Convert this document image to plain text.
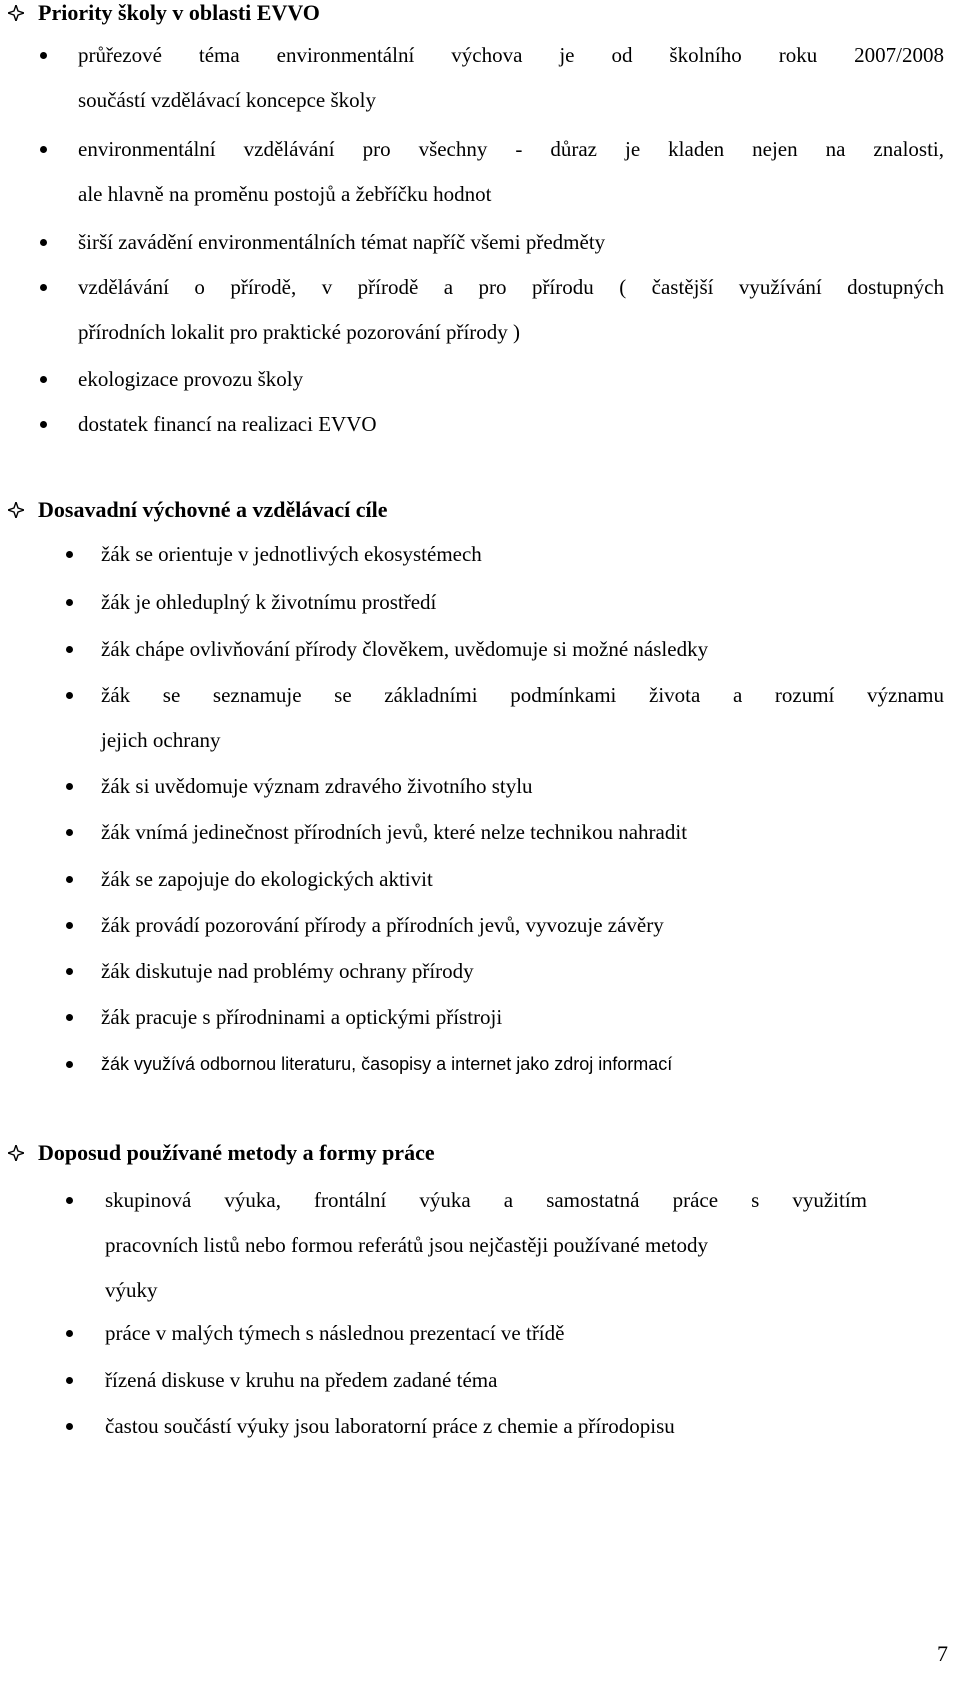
Priority školy v oblasti EVVO
průřezové téma environmentální výchova je od školního roku 2007/2008
součástí vzdělávací koncepce školy
environmentální vzdělávání pro všechny - důraz je kladen nejen na znalosti,
ale hlavně na proměnu postojů a žebříčku hodnot
širší zavádění environmentálních témat napříč všemi předměty
vzdělávání o přírodě, v přírodě a pro přírodu ( častější využívání dostupných
přírodních lokalit pro praktické pozorování přírody )
ekologizace provozu školy
dostatek financí na realizaci EVVO
Dosavadní výchovné a vzdělávací cíle
žák se orientuje v jednotlivých ekosystémech
žák je ohleduplný k životnímu prostředí
žák chápe ovlivňování přírody člověkem, uvědomuje si možné následky
žák se seznamuje se základními podmínkami života a rozumí významu
jejich ochrany
žák si uvědomuje význam zdravého životního stylu
žák vnímá jedinečnost přírodních jevů, které nelze technikou nahradit
žák se zapojuje do ekologických aktivit
žák provádí pozorování přírody a přírodních jevů, vyvozuje závěry
žák diskutuje nad problémy ochrany přírody
žák pracuje s přírodninami a optickými přístroji
žák využívá odbornou literaturu, časopisy a internet jako zdroj informací
Doposud používané metody a formy práce
skupinová výuka, frontální výuka a samostatná práce s využitím
pracovních listů nebo formou referátů jsou nejčastěji používané metody
výuky
práce v malých týmech s následnou prezentací ve třídě
řízená diskuse v kruhu na předem zadané téma
častou součástí výuky jsou laboratorní práce z chemie a přírodopisu
7
